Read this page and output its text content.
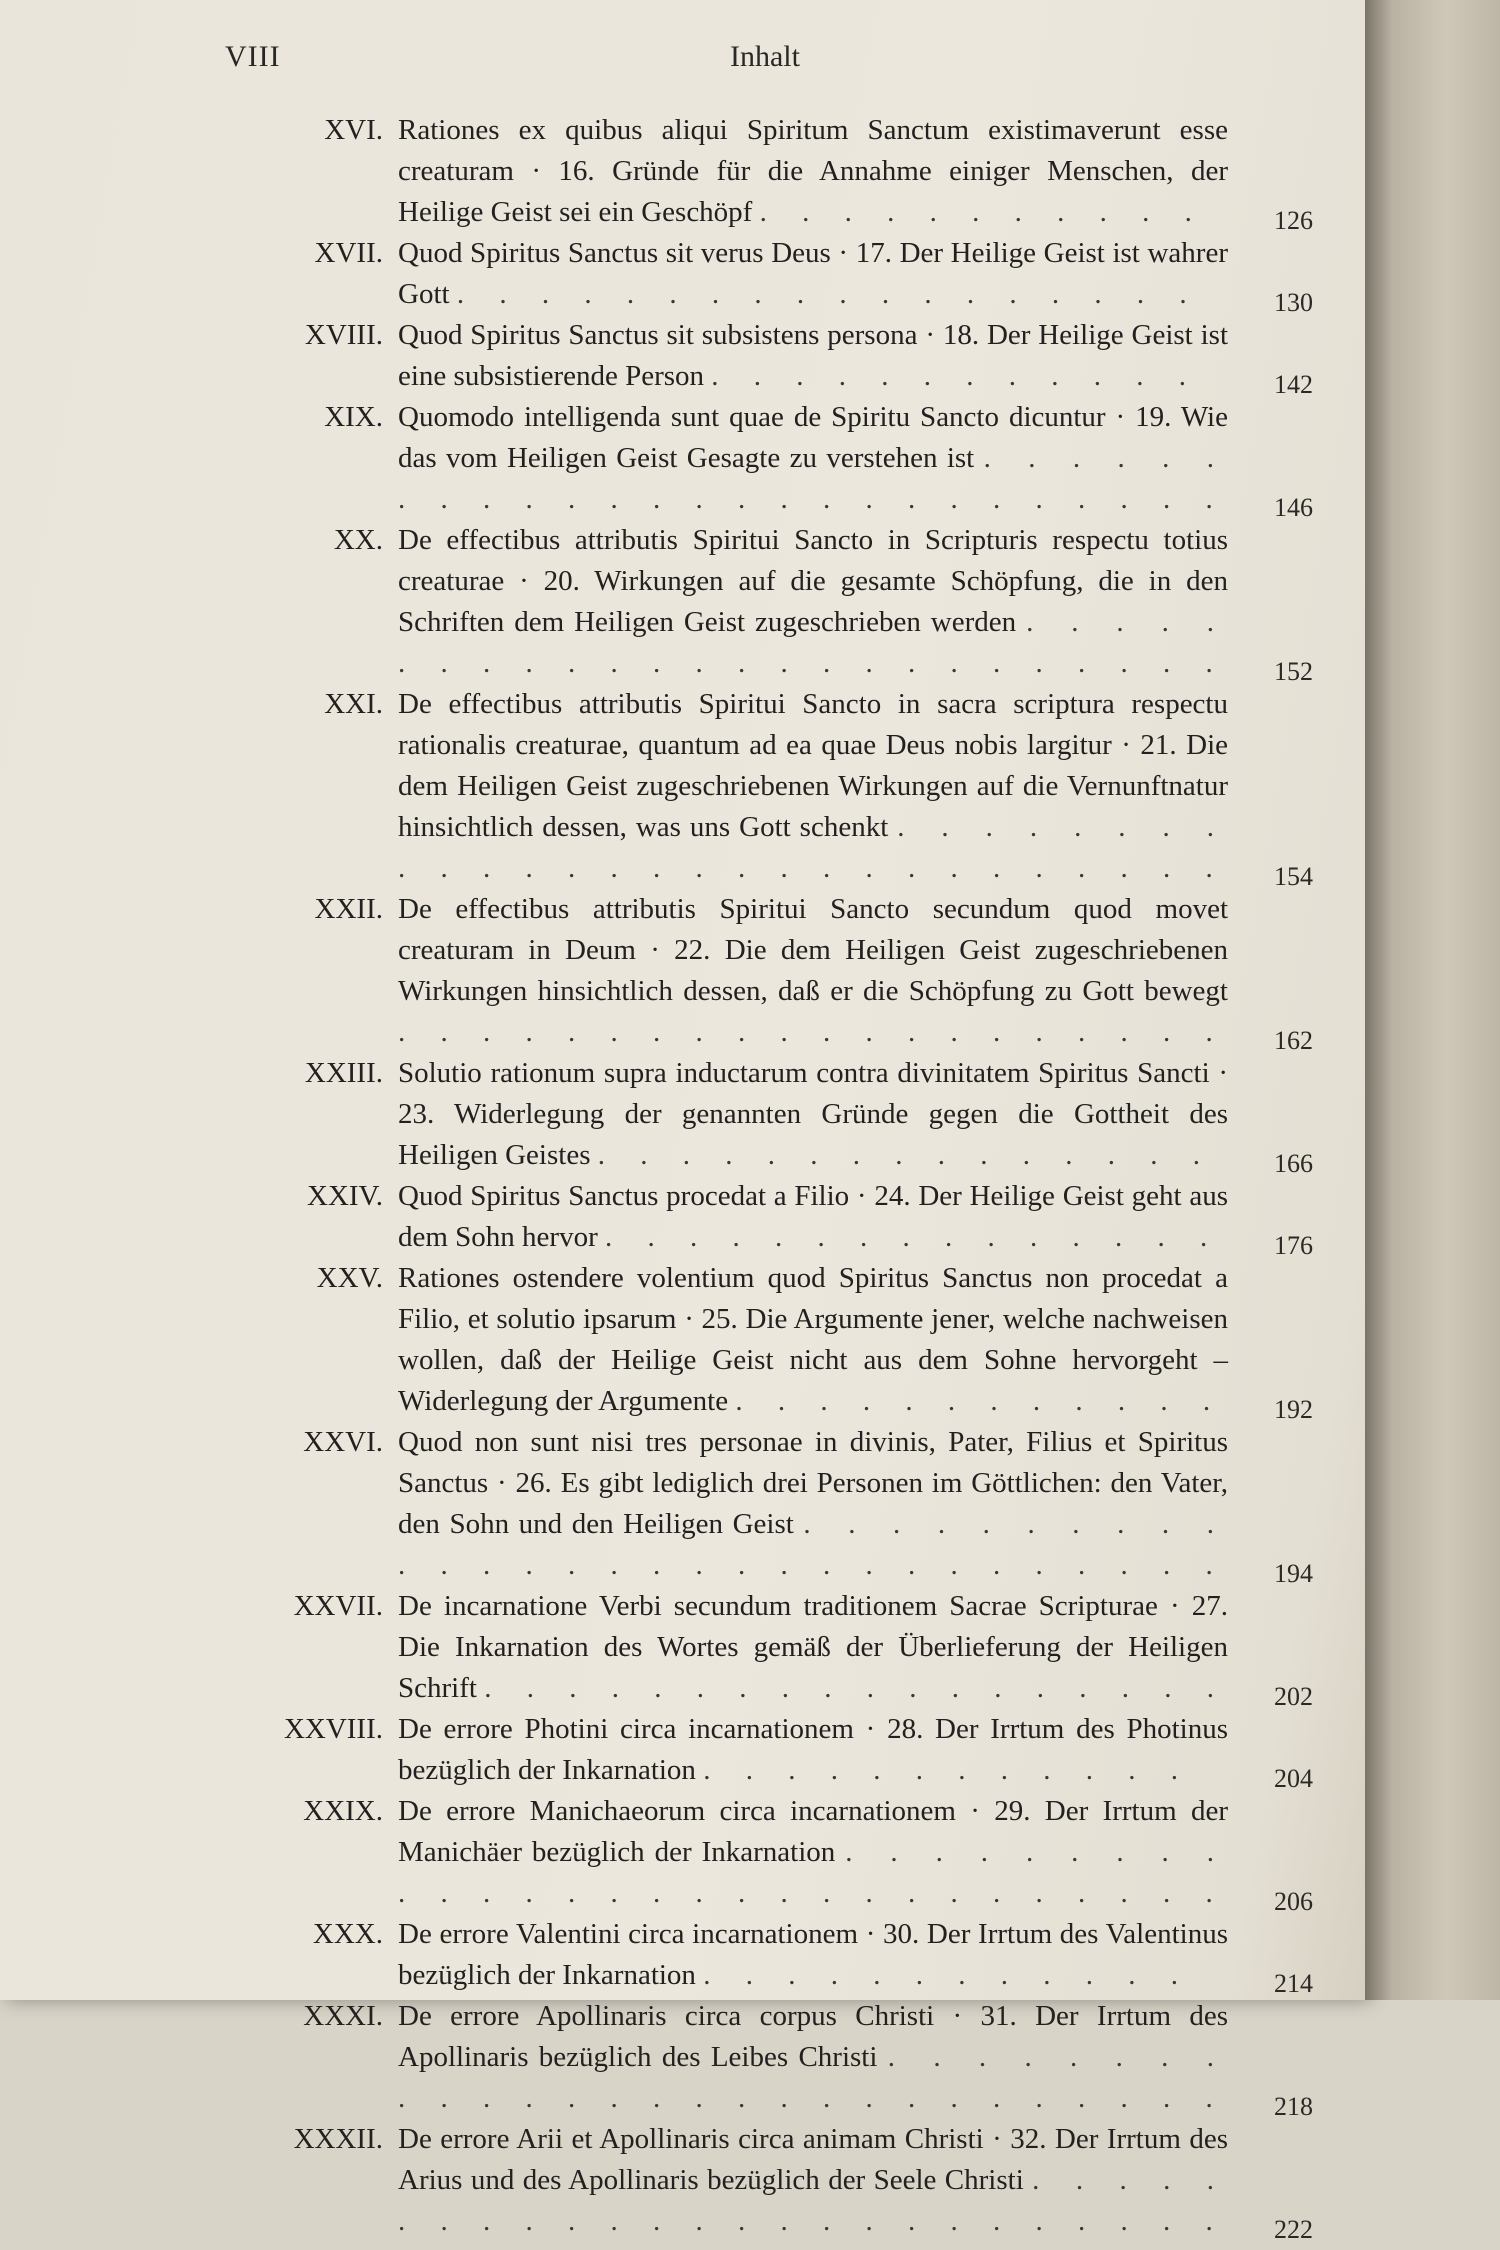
VIII	Inhalt
XVI. Rationes ex quibus aliqui Spiritum Sanctum existimaverunt esse creaturam · 16. Gründe für die Annahme einiger Menschen, der Heilige Geist sei ein Geschöpf . . . . . . . . . . .	126
XVII. Quod Spiritus Sanctus sit verus Deus · 17. Der Heilige Geist ist wahrer Gott . . . . . . . . . . . . . . . . . .	130
XVIII. Quod Spiritus Sanctus sit subsistens persona · 18. Der Heilige Geist ist eine subsistierende Person . . . . . . . . . . . .	142
XIX. Quomodo intelligenda sunt quae de Spiritu Sancto dicuntur · 19. Wie das vom Heiligen Geist Gesagte zu verstehen ist . . . . . . . . . . . . . . . . . . . . . . . . . . 146
XX. De effectibus attributis Spiritui Sancto in Scripturis respectu totius creaturae · 20. Wirkungen auf die gesamte Schöpfung, die in den Schriften dem Heiligen Geist zugeschrieben werden . . . . . . . . . . . . . . . . . . . . . . . . . 152
XXI. De effectibus attributis Spiritui Sancto in sacra scriptura respectu rationalis creaturae, quantum ad ea quae Deus nobis largitur · 21. Die dem Heiligen Geist zugeschriebenen Wirkungen auf die Vernunftnatur hinsichtlich dessen, was uns Gott schenkt . . . . . . . . . . . . . . . . . . . . . . . . . . . . 154
XXII. De effectibus attributis Spiritui Sancto secundum quod movet creaturam in Deum · 22. Die dem Heiligen Geist zugeschriebenen Wirkungen hinsichtlich dessen, daß er die Schöpfung zu Gott bewegt . . . . . . . . . . . . . . . . . . . . 162
XXIII. Solutio rationum supra inductarum contra divinitatem Spiritus Sancti · 23. Widerlegung der genannten Gründe gegen die Gottheit des Heiligen Geistes . . . . . . . . . . . . . . .	166
XXIV. Quod Spiritus Sanctus procedat a Filio · 24. Der Heilige Geist geht aus dem Sohn hervor . . . . . . . . . . . . . . . 176
XXV. Rationes ostendere volentium quod Spiritus Sanctus non procedat a Filio, et solutio ipsarum · 25. Die Argumente jener, welche nachweisen wollen, daß der Heilige Geist nicht aus dem Sohne hervorgeht – Widerlegung der Argumente . . . . . . . . . . . . 192
XXVI. Quod non sunt nisi tres personae in divinis, Pater, Filius et Spiritus Sanctus · 26. Es gibt lediglich drei Personen im Göttlichen: den Vater, den Sohn und den Heiligen Geist . . . . . . . . . . . . . . . . . . . . . . . . . . . . . . 194
XXVII. De incarnatione Verbi secundum traditionem Sacrae Scripturae · 27. Die Inkarnation des Wortes gemäß der Überlieferung der Heiligen Schrift . . . . . . . . . . . . . . . . . . 202
XXVIII. De errore Photini circa incarnationem · 28. Der Irrtum des Photinus bezüglich der Inkarnation . . . . . . . . . . . .	204
XXIX. De errore Manichaeorum circa incarnationem · 29. Der Irrtum der Manichäer bezüglich der Inkarnation . . . . . . . . . . . . . . . . . . . . . . . . . . . . . 206
XXX. De errore Valentini circa incarnationem · 30. Der Irrtum des Valentinus bezüglich der Inkarnation . . . . . . . . . . . .	214
XXXI. De errore Apollinaris circa corpus Christi · 31. Der Irrtum des Apollinaris bezüglich des Leibes Christi . . . . . . . . . . . . . . . . . . . . . . . . . . . . 218
XXXII. De errore Arii et Apollinaris circa animam Christi · 32. Der Irrtum des Arius und des Apollinaris bezüglich der Seele Christi . . . . . . . . . . . . . . . . . . . . . . . . . 222
